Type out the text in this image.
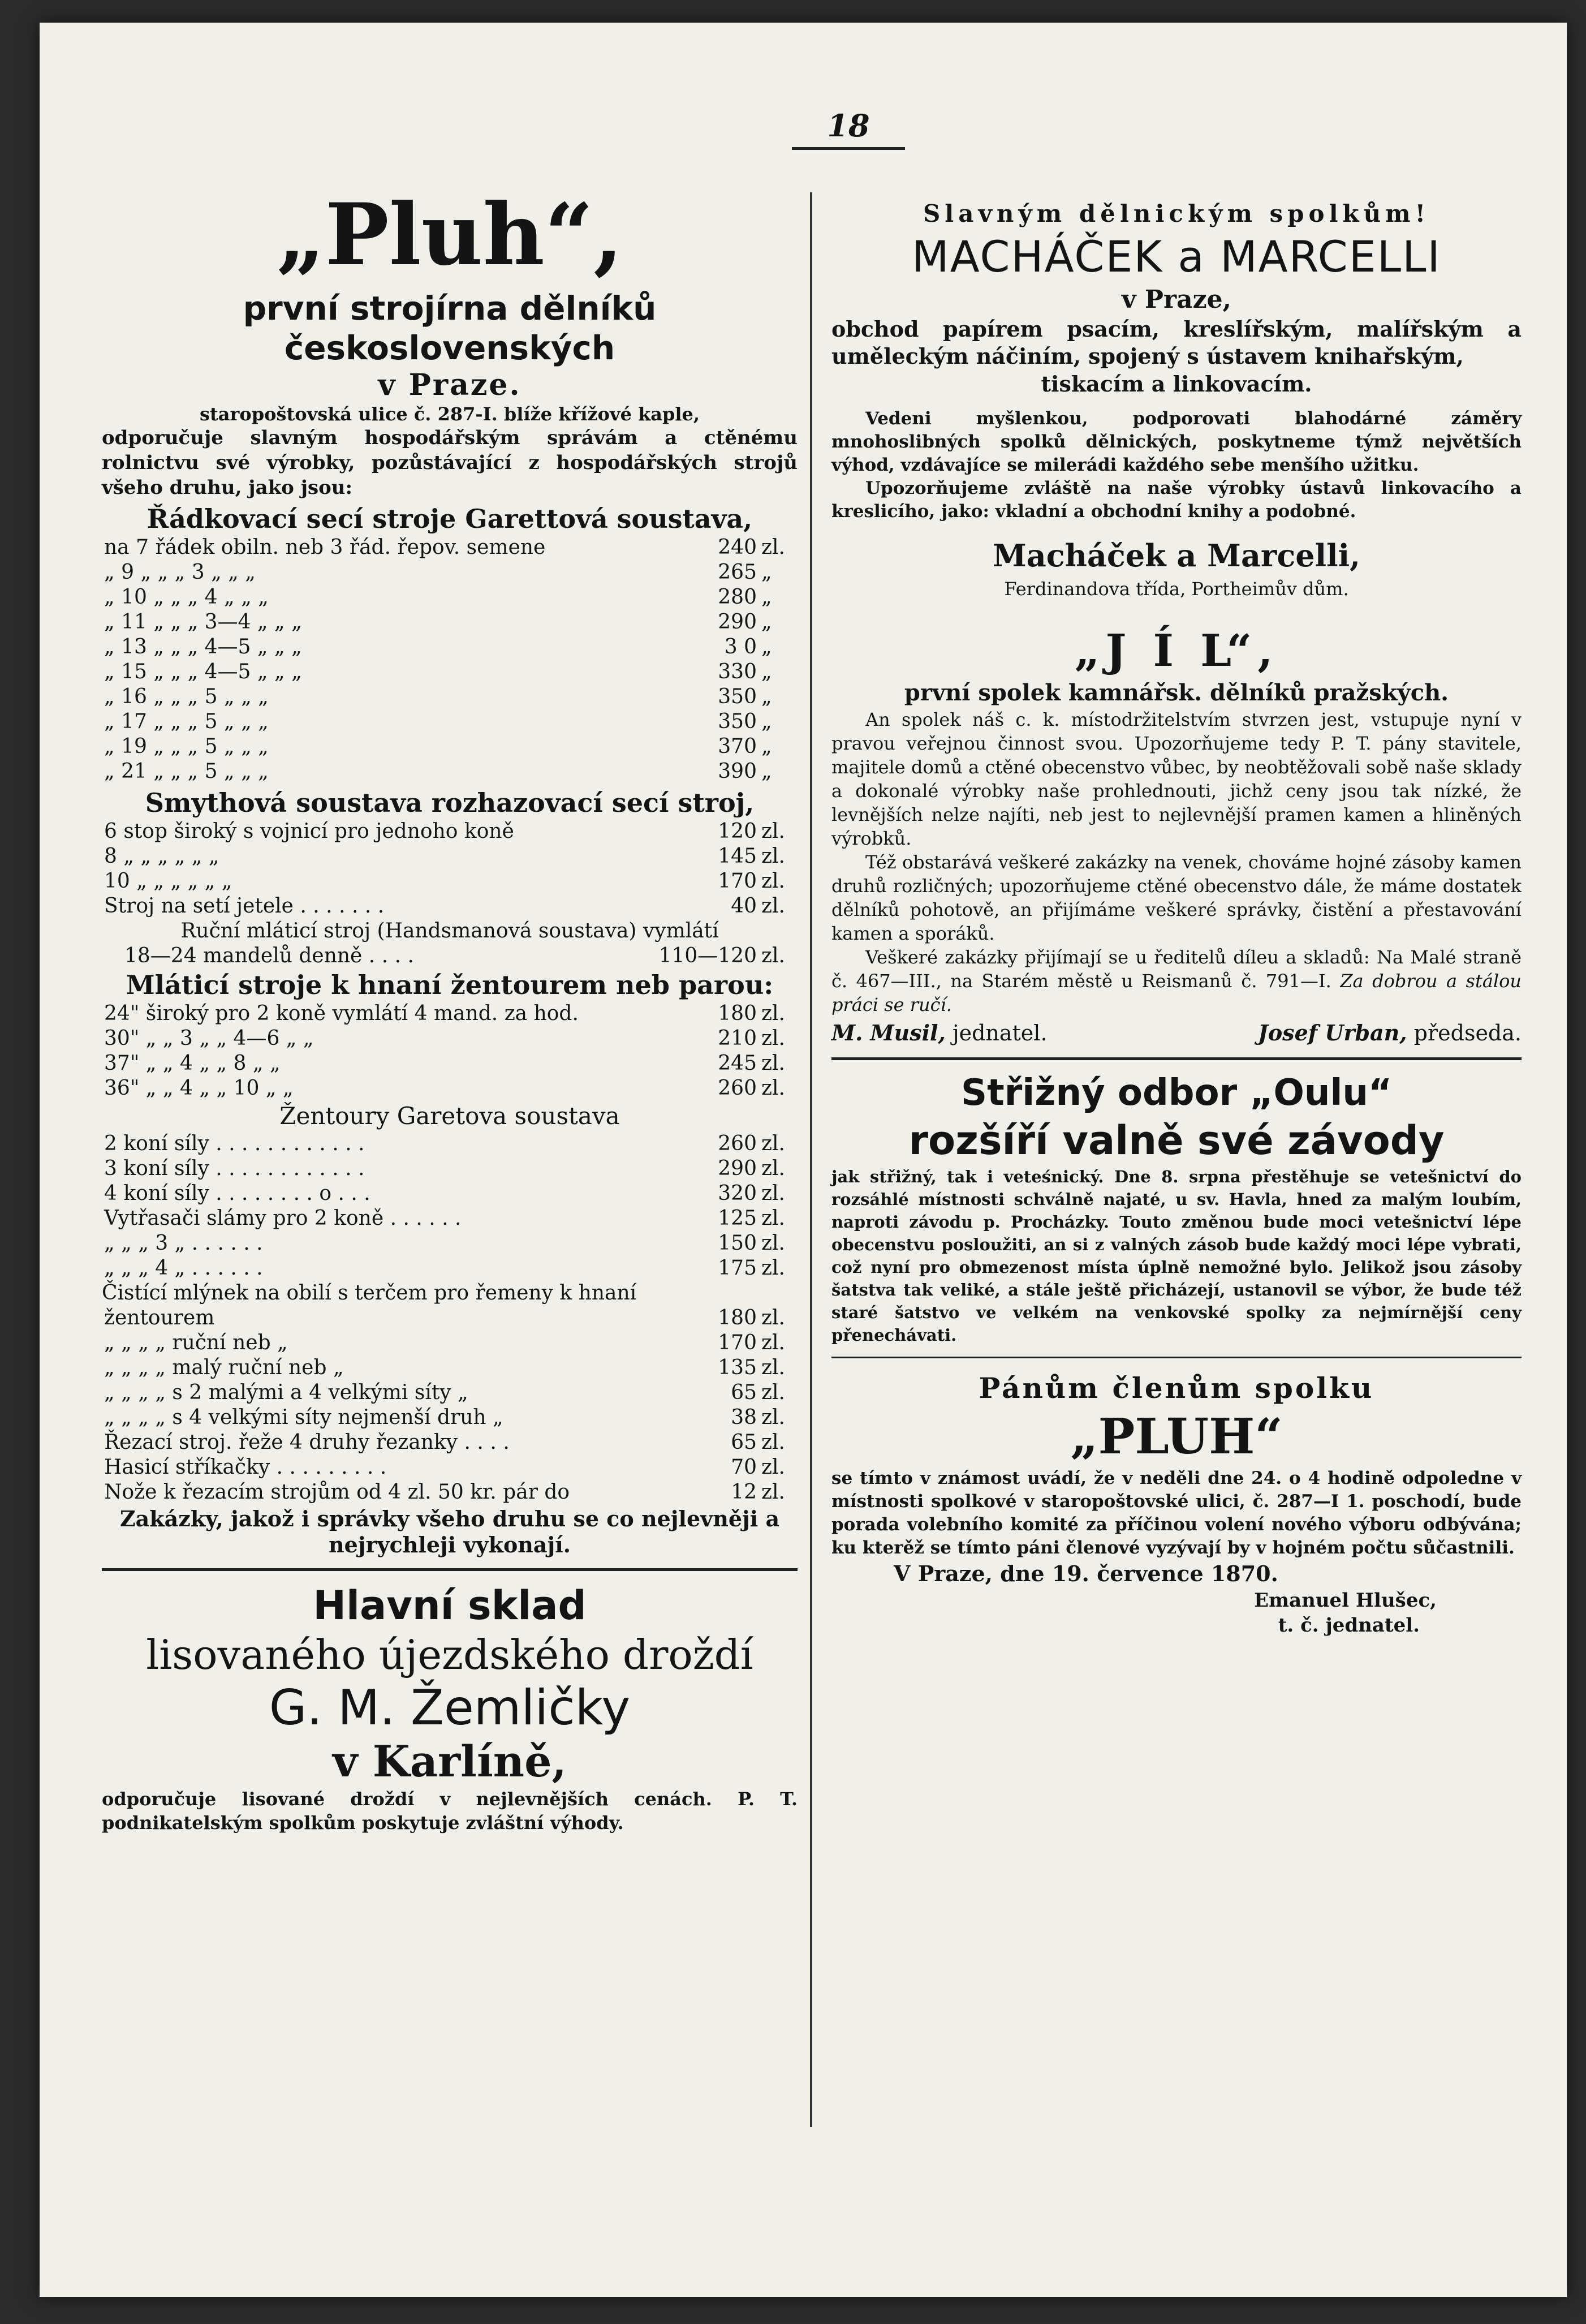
18
„Pluh“,
první strojírna dělníků československých
v Praze.
staropoštovská ulice č. 287-I. blíže křížové kaple,

odporučuje slavným hospodářským správám a ctěnému rolnictvu své výrobky, pozůstávající z hospodářských strojů všeho druhu, jako jsou:

Řádkovací secí stroje Garettová soustava,
na 7 řádek obiln. neb 3 řád. řepov. semene	240	zl.
„ 9 „ „ „ 3 „ „ „	265	„
„ 10 „ „ „ 4 „ „ „	280	„
„ 11 „ „ „ 3—4 „ „ „	290	„
„ 13 „ „ „ 4—5 „ „ „	3 0	„
„ 15 „ „ „ 4—5 „ „ „	330	„
„ 16 „ „ „ 5 „ „ „	350	„
„ 17 „ „ „ 5 „ „ „	350	„
„ 19 „ „ „ 5 „ „ „	370	„
„ 21 „ „ „ 5 „ „ „	390	„
Smythová soustava rozhazovací secí stroj,
6 stop široký s vojnicí pro jednoho koně	120	zl.
8 „ „ „ „ „ „	145	zl.
10 „ „ „ „ „ „	170	zl.
Stroj na setí jetele . . . . . . .	40	zl.
Ruční mláticí stroj (Handsmanová soustava) vymlátí
18—24 mandelů denně . . . .	110—120	zl.
Mláticí stroje k hnaní žentourem neb parou:
24" široký pro 2 koně vymlátí 4 mand. za hod.	180	zl.
30" „ „ 3 „ „ 4—6 „ „	210	zl.
37" „ „ 4 „ „ 8 „ „	245	zl.
36" „ „ 4 „ „ 10 „ „	260	zl.
Žentoury Garetova soustava
2 koní síly . . . . . . . . . . . .	260	zl.
3 koní síly . . . . . . . . . . . .	290	zl.
4 koní síly . . . . . . . . o . . .	320	zl.
Vytřasači slámy pro 2 koně . . . . . .	125	zl.
„ „ „ 3 „ . . . . . .	150	zl.
„ „ „ 4 „ . . . . . .	175	zl.
Čistící mlýnek na obilí s terčem pro řemeny k hnaní
žentourem	180	zl.
„ „ „ „ ruční neb „	170	zl.
„ „ „ „ malý ruční neb „	135	zl.
„ „ „ „ s 2 malými a 4 velkými síty „	65	zl.
„ „ „ „ s 4 velkými síty nejmenší druh „	38	zl.
Řezací stroj. řeže 4 druhy řezanky . . . .	65	zl.
Hasicí stříkačky . . . . . . . . .	70	zl.
Nože k řezacím strojům od 4 zl. 50 kr. pár do	12	zl.
Zakázky, jakož i správky všeho druhu se co nejlevněji a nejrychleji vykonají.
Hlavní sklad
lisovaného újezdského droždí
G. M. Žemličky
v Karlíně,

odporučuje lisované droždí v nejlevnějších cenách. P. T. podnikatelským spolkům poskytuje zvláštní výhody.

Slavným dělnickým spolkům!
MACHÁČEK a MARCELLI
v Praze,

obchod papírem psacím, kreslířským, malířským a uměleckým náčiním, spojený s ústavem knihařským,

tiskacím a linkovacím.

Vedeni myšlenkou, podporovati blahodárné záměry mnohoslibných spolků dělnických, poskytneme týmž největších výhod, vzdávajíce se milerádi každého sebe menšího užitku.

Upozorňujeme zvláště na naše výrobky ústavů linkovacího a kreslicího, jako: vkladní a obchodní knihy a podobné.

Macháček a Marcelli,
Ferdinandova třída, Portheimův dům.
„J Í L“,
první spolek kamnářsk. dělníků pražských.

An spolek náš c. k. místodržitelstvím stvrzen jest, vstupuje nyní v pravou veřejnou činnost svou. Upozorňujeme tedy P. T. pány stavitele, majitele domů a ctěné obecenstvo vůbec, by neobtěžovali sobě naše sklady a dokonalé výrobky naše prohlednouti, jichž ceny jsou tak nízké, že levnějších nelze najíti, neb jest to nejlevnější pramen kamen a hliněných výrobků.

Též obstarává veškeré zakázky na venek, chováme hojné zásoby kamen druhů rozličných; upozorňujeme ctěné obecenstvo dále, že máme dostatek dělníků pohotově, an přijímáme veškeré správky, čistění a přestavování kamen a sporáků.

Veškeré zakázky přijímají se u ředitelů díleu a skladů: Na Malé straně č. 467—III., na Starém městě u Reismanů č. 791—I. Za dobrou a stálou práci se ručí.

M. Musil, jednatel.	Josef Urban, předseda.
Střižný odbor „Oulu“
rozšíří valně své závody

jak střižný, tak i veteśnický. Dne 8. srpna přestěhuje se vetešnictví do rozsáhlé místnosti schválně najaté, u sv. Havla, hned za malým loubím, naproti závodu p. Procházky. Touto změnou bude moci vetešnictví lépe obecenstvu posloužiti, an si z valných zásob bude každý moci lépe vybrati, což nyní pro obmezenost místa úplně nemožné bylo. Jelikož jsou zásoby šatstva tak veliké, a stále ještě přicházejí, ustanovil se výbor, že bude též staré šatstvo ve velkém na venkovské spolky za nejmírnější ceny přenechávati.

Pánům členům spolku
„PLUH“

se tímto v známost uvádí, že v neděli dne 24. o 4 hodině odpoledne v místnosti spolkové v staropoštovské ulici, č. 287—I 1. poschodí, bude porada volebního komité za příčinou volení nového výboru odbývána; ku kterěž se tímto páni členové vyzývají by v hojném počtu sůčastnili.

V Praze, dne 19. července 1870.
Emanuel Hlušec,
t. č. jednatel.
